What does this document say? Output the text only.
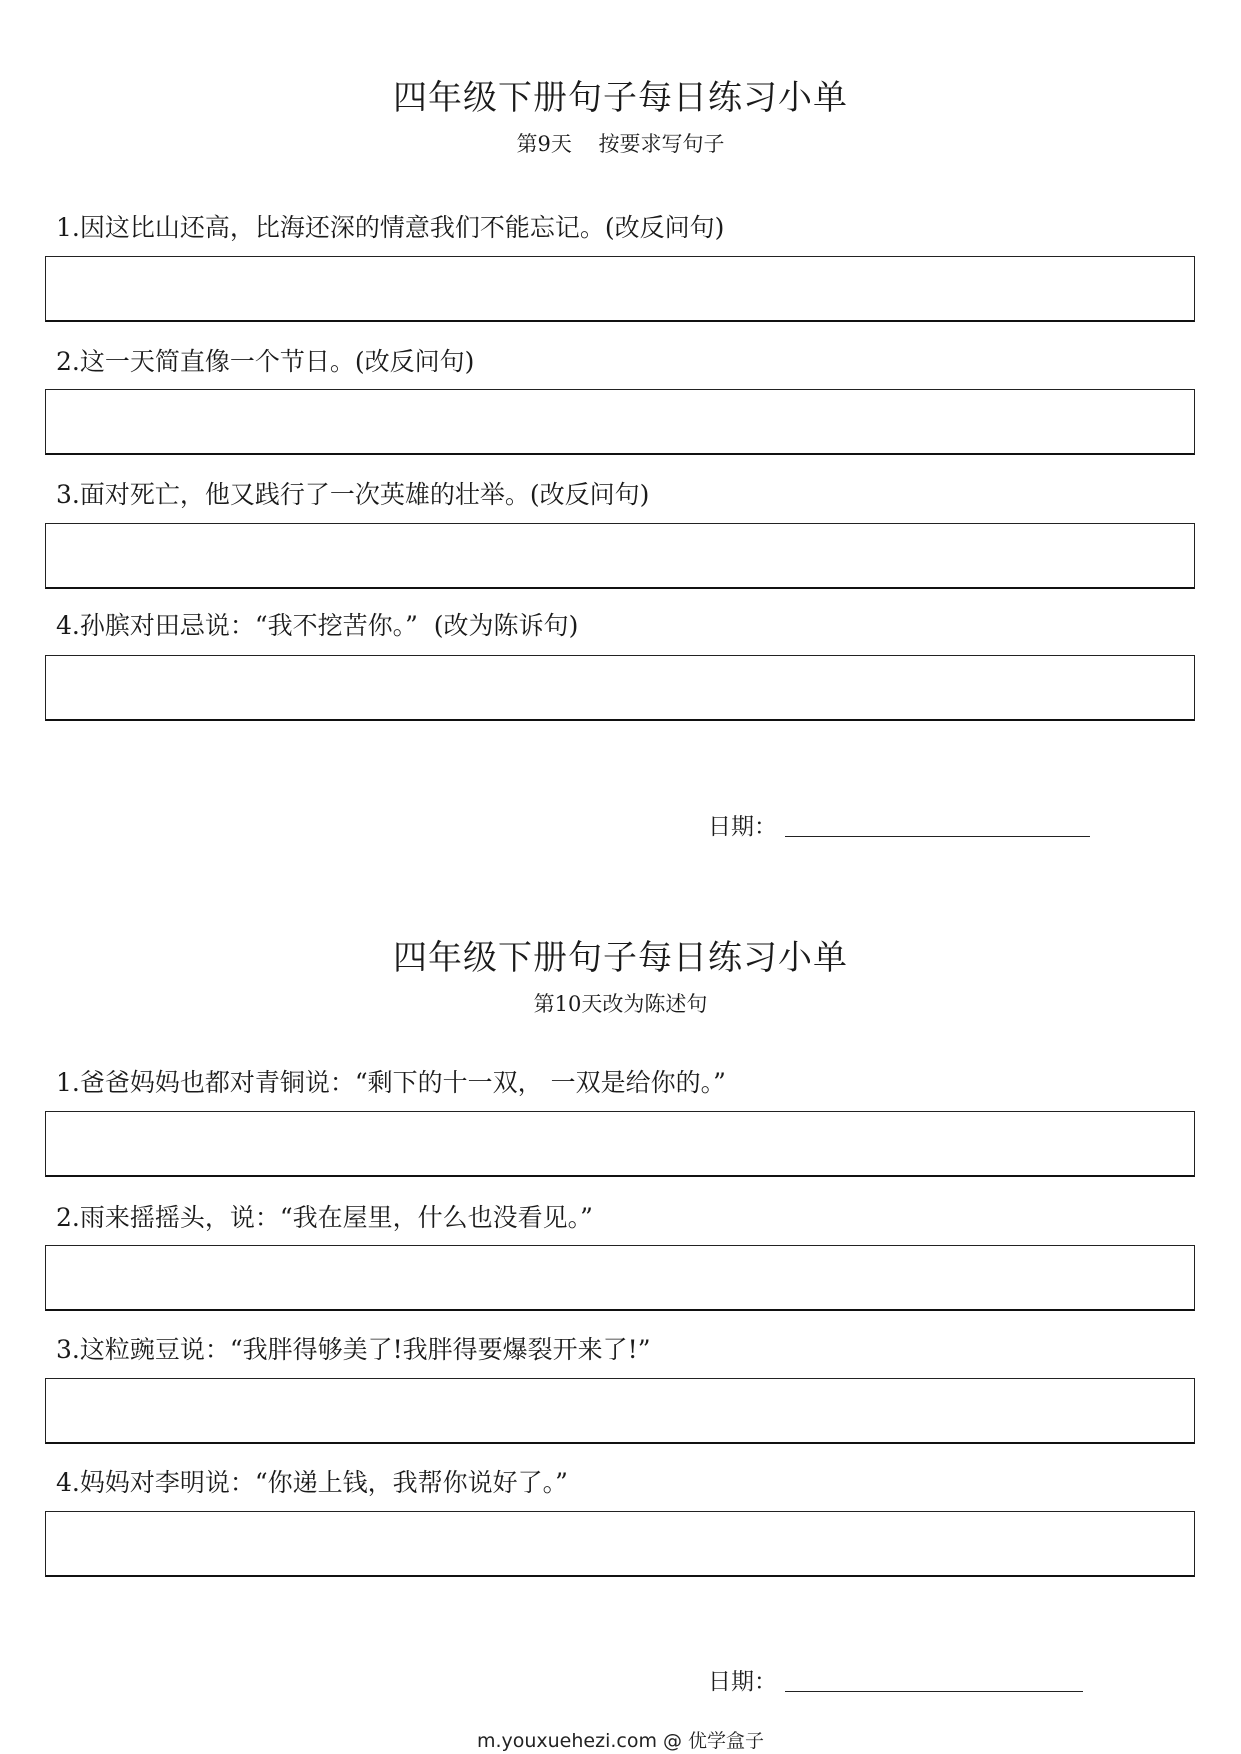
四年级下册句子每日练习小单
第9天    按要求写句子
1.因这比山还高，比海还深的情意我们不能忘记。(改反问句)
2.这一天简直像一个节日。(改反问句)
3.面对死亡，他又践行了一次英雄的壮举。(改反问句)
4.孙膑对田忌说：“我不挖苦你。”  (改为陈诉句)
日期：
四年级下册句子每日练习小单
第10天改为陈述句
1.爸爸妈妈也都对青铜说：“剩下的十一双， 一双是给你的。”
2.雨来摇摇头，说：“我在屋里，什么也没看见。”
3.这粒豌豆说：“我胖得够美了!我胖得要爆裂开来了!”
4.妈妈对李明说：“你递上钱，我帮你说好了。”
日期：
m.youxuehezi.com @ 优学盒子
